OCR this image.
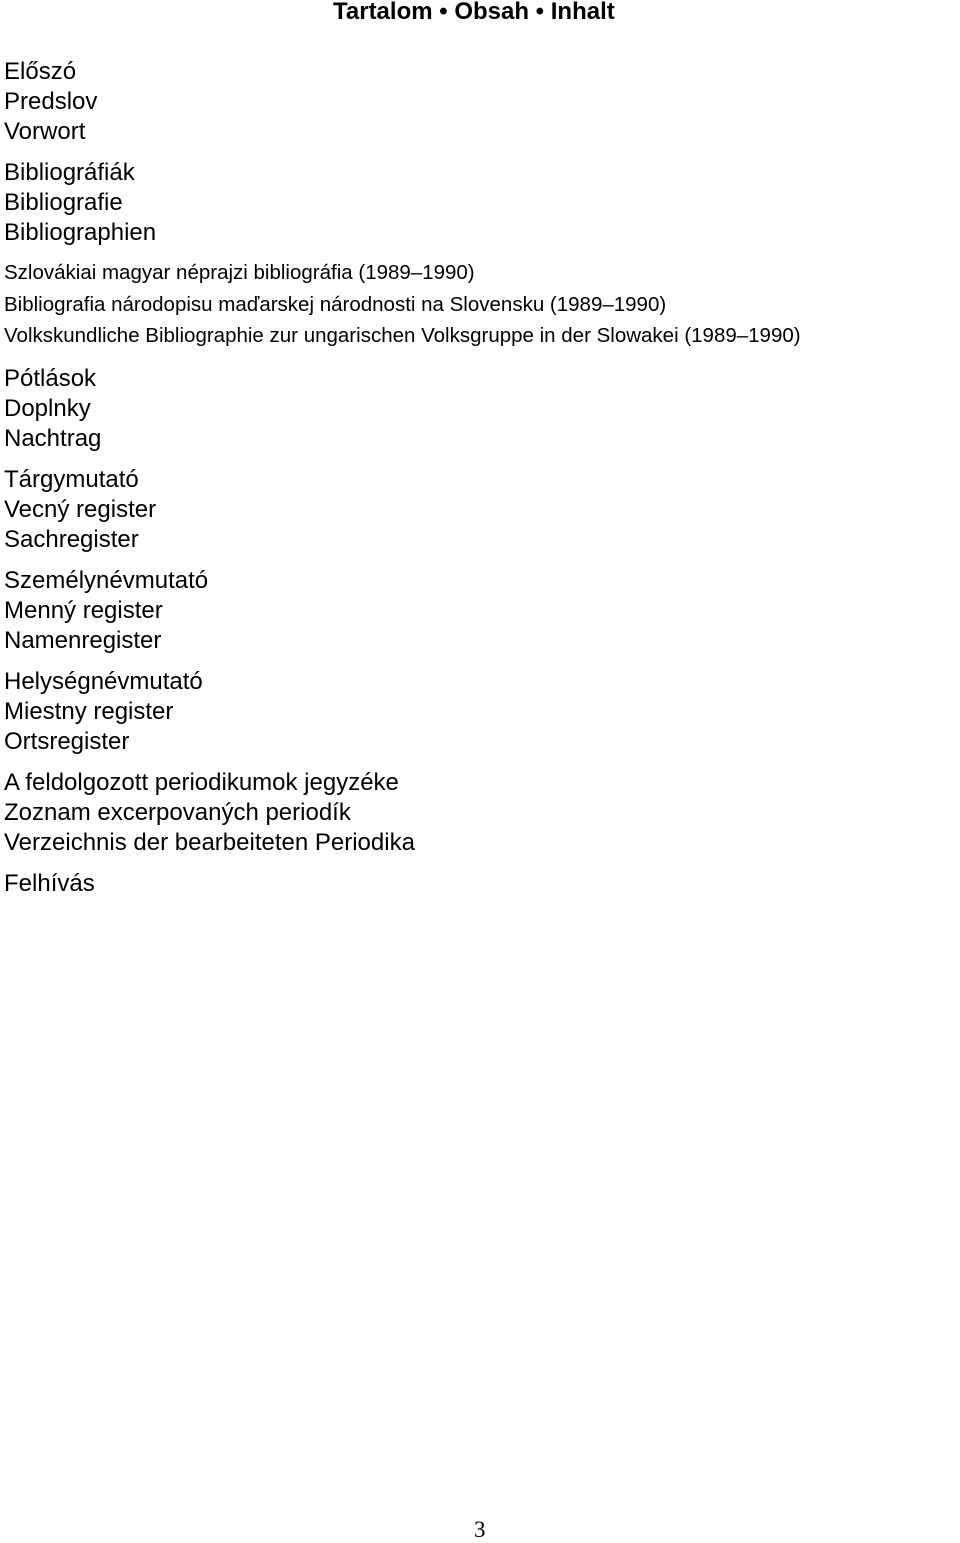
Tartalom • Obsah • Inhalt
Előszó
Predslov
Vorwort
Bibliográfiák
Bibliografie
Bibliographien
Szlovákiai magyar néprajzi bibliográfia (1989–1990)
Bibliografia národopisu maďarskej národnosti na Slovensku (1989–1990)
Volkskundliche Bibliographie zur ungarischen Volksgruppe in der Slowakei (1989–1990)
Pótlások
Doplnky
Nachtrag
Tárgymutató
Vecný register
Sachregister
Személynévmutató
Menný register
Namenregister
Helységnévmutató
Miestny register
Ortsregister
A feldolgozott periodikumok jegyzéke
Zoznam excerpovaných periodík
Verzeichnis der bearbeiteten Periodika
Felhívás
3
